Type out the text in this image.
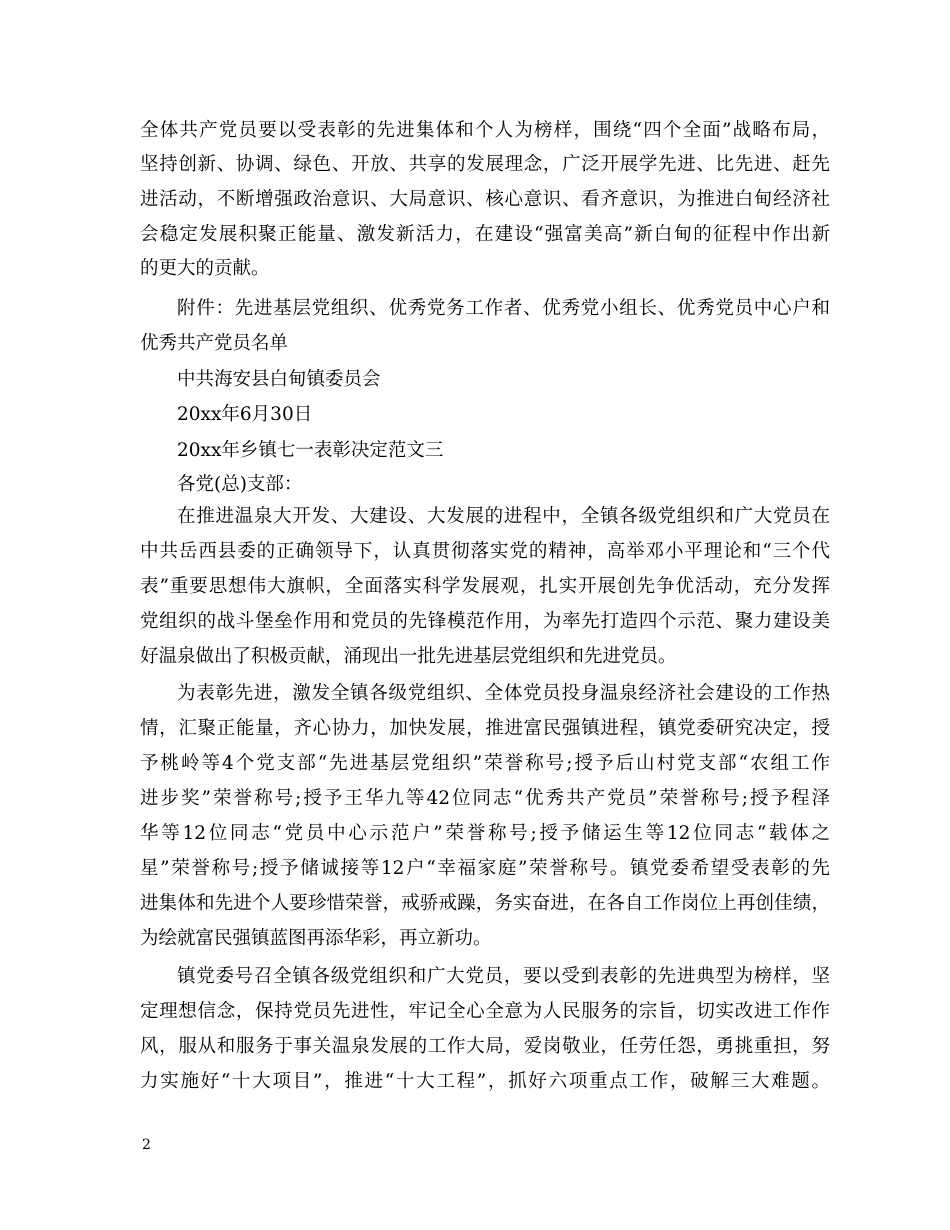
全体共产党员要以受表彰的先进集体和个人为榜样，围绕“四个全面”战略布局，
坚持创新、协调、绿色、开放、共享的发展理念，广泛开展学先进、比先进、赶先
进活动，不断增强政治意识、大局意识、核心意识、看齐意识，为推进白甸经济社
会稳定发展积聚正能量、激发新活力，在建设“强富美高”新白甸的征程中作出新
的更大的贡献。
附件：先进基层党组织、优秀党务工作者、优秀党小组长、优秀党员中心户和
优秀共产党员名单
中共海安县白甸镇委员会
20xx年6月30日
20xx年乡镇七一表彰决定范文三
各党(总)支部：
在推进温泉大开发、大建设、大发展的进程中，全镇各级党组织和广大党员在
中共岳西县委的正确领导下，认真贯彻落实党的精神，高举邓小平理论和“三个代
表”重要思想伟大旗帜，全面落实科学发展观，扎实开展创先争优活动，充分发挥
党组织的战斗堡垒作用和党员的先锋模范作用，为率先打造四个示范、聚力建设美
好温泉做出了积极贡献，涌现出一批先进基层党组织和先进党员。
为表彰先进，激发全镇各级党组织、全体党员投身温泉经济社会建设的工作热
情，汇聚正能量，齐心协力，加快发展，推进富民强镇进程，镇党委研究决定，授
予桃岭等4个党支部“先进基层党组织”荣誉称号;授予后山村党支部“农组工作
进步奖”荣誉称号;授予王华九等42位同志“优秀共产党员”荣誉称号;授予程泽
华等12位同志“党员中心示范户”荣誉称号;授予储运生等12位同志“载体之
星”荣誉称号;授予储诚接等12户“幸福家庭”荣誉称号。镇党委希望受表彰的先
进集体和先进个人要珍惜荣誉，戒骄戒躁，务实奋进，在各自工作岗位上再创佳绩，
为绘就富民强镇蓝图再添华彩，再立新功。
镇党委号召全镇各级党组织和广大党员，要以受到表彰的先进典型为榜样，坚
定理想信念，保持党员先进性，牢记全心全意为人民服务的宗旨，切实改进工作作
风，服从和服务于事关温泉发展的工作大局，爱岗敬业，任劳任怨，勇挑重担，努
力实施好“十大项目”，推进“十大工程”，抓好六项重点工作，破解三大难题。
2
